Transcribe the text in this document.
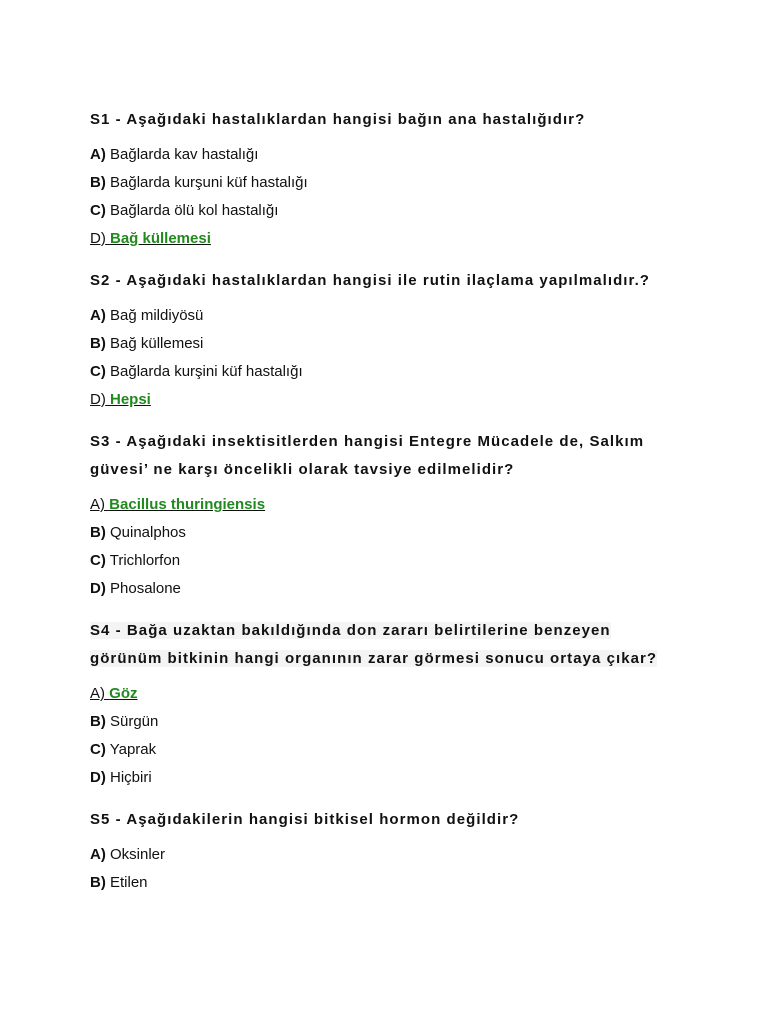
S1 - Aşağıdaki hastalıklardan hangisi bağın ana hastalığıdır?

A) Bağlarda kav hastalığı
B) Bağlarda kurşuni küf hastalığı
C) Bağlarda ölü kol hastalığı
D) Bağ küllemesi

S2 - Aşağıdaki hastalıklardan hangisi ile rutin ilaçlama yapılmalıdır.?

A) Bağ mildiyösü
B) Bağ küllemesi
C) Bağlarda kurşini küf hastalığı
D) Hepsi

S3 - Aşağıdaki insektisitlerden hangisi Entegre Mücadele de, Salkım
güvesi’ ne karşı öncelikli olarak tavsiye edilmelidir?

A) Bacillus thuringiensis
B) Quinalphos
C) Trichlorfon
D) Phosalone

S4 - Bağa uzaktan bakıldığında don zararı belirtilerine benzeyen
görünüm bitkinin hangi organının zarar görmesi sonucu ortaya çıkar?

A) Göz
B) Sürgün
C) Yaprak
D) Hiçbiri

S5 - Aşağıdakilerin hangisi bitkisel hormon değildir?

A) Oksinler
B) Etilen
